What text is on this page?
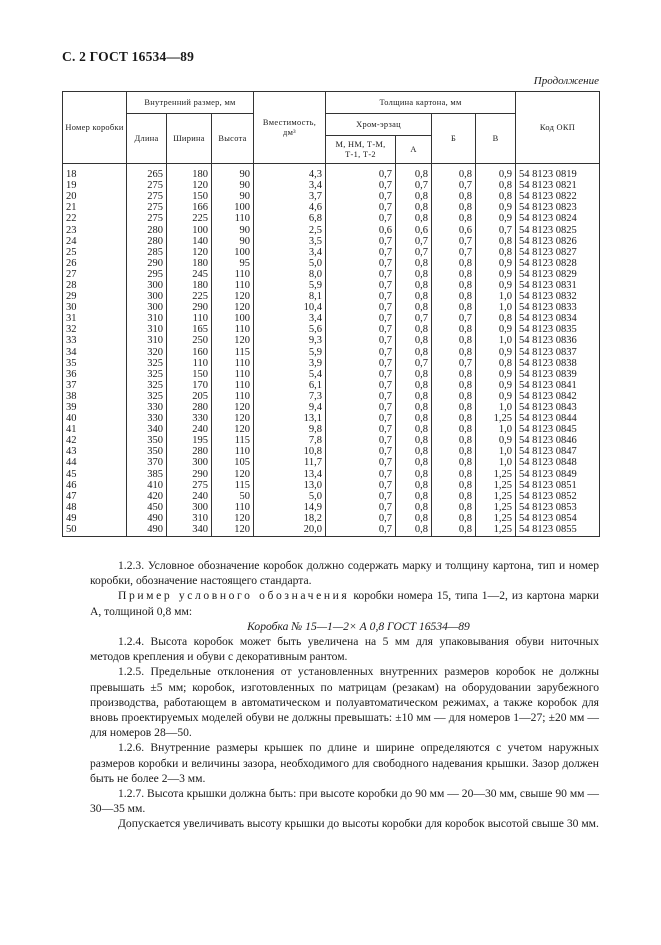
С. 2 ГОСТ 16534—89
Продолжение
Номер коробки	Внутренний размер, мм			Вместимость, дм³	Толщина картона, мм				Код ОКП
	Длина	Ширина	Высота		Хром-эрзац		Б	В	
					М, НМ, Т-М, Т-1, Т-2	А			
18	265	180	90	4,3	0,7	0,8	0,8	0,9	54 8123 0819
19	275	120	90	3,4	0,7	0,7	0,7	0,8	54 8123 0821
20	275	150	90	3,7	0,7	0,8	0,8	0,8	54 8123 0822
21	275	166	100	4,6	0,7	0,8	0,8	0,9	54 8123 0823
22	275	225	110	6,8	0,7	0,8	0,8	0,9	54 8123 0824
23	280	100	90	2,5	0,6	0,6	0,6	0,7	54 8123 0825
24	280	140	90	3,5	0,7	0,7	0,7	0,8	54 8123 0826
25	285	120	100	3,4	0,7	0,7	0,7	0,8	54 8123 0827
26	290	180	95	5,0	0,7	0,8	0,8	0,9	54 8123 0828
27	295	245	110	8,0	0,7	0,8	0,8	0,9	54 8123 0829
28	300	180	110	5,9	0,7	0,8	0,8	0,9	54 8123 0831
29	300	225	120	8,1	0,7	0,8	0,8	1,0	54 8123 0832
30	300	290	120	10,4	0,7	0,8	0,8	1,0	54 8123 0833
31	310	110	100	3,4	0,7	0,7	0,7	0,8	54 8123 0834
32	310	165	110	5,6	0,7	0,8	0,8	0,9	54 8123 0835
33	310	250	120	9,3	0,7	0,8	0,8	1,0	54 8123 0836
34	320	160	115	5,9	0,7	0,8	0,8	0,9	54 8123 0837
35	325	110	110	3,9	0,7	0,7	0,7	0,8	54 8123 0838
36	325	150	110	5,4	0,7	0,8	0,8	0,9	54 8123 0839
37	325	170	110	6,1	0,7	0,8	0,8	0,9	54 8123 0841
38	325	205	110	7,3	0,7	0,8	0,8	0,9	54 8123 0842
39	330	280	120	9,4	0,7	0,8	0,8	1,0	54 8123 0843
40	330	330	120	13,1	0,7	0,8	0,8	1,25	54 8123 0844
41	340	240	120	9,8	0,7	0,8	0,8	1,0	54 8123 0845
42	350	195	115	7,8	0,7	0,8	0,8	0,9	54 8123 0846
43	350	280	110	10,8	0,7	0,8	0,8	1,0	54 8123 0847
44	370	300	105	11,7	0,7	0,8	0,8	1,0	54 8123 0848
45	385	290	120	13,4	0,7	0,8	0,8	1,25	54 8123 0849
46	410	275	115	13,0	0,7	0,8	0,8	1,25	54 8123 0851
47	420	240	50	5,0	0,7	0,8	0,8	1,25	54 8123 0852
48	450	300	110	14,9	0,7	0,8	0,8	1,25	54 8123 0853
49	490	310	120	18,2	0,7	0,8	0,8	1,25	54 8123 0854
50	490	340	120	20,0	0,7	0,8	0,8	1,25	54 8123 0855

1.2.3. Условное обозначение коробок должно содержать марку и толщину картона, тип и номер коробки, обозначение настоящего стандарта.

Пример условного обозначения коробки номера 15, типа 1—2, из картона марки А, толщиной 0,8 мм:

Коробка № 15—1—2× А 0,8 ГОСТ 16534—89

1.2.4. Высота коробок может быть увеличена на 5 мм для упаковывания обуви ниточных методов крепления и обуви с декоративным рантом.

1.2.5. Предельные отклонения от установленных внутренних размеров коробок не должны превышать ±5 мм; коробок, изготовленных по матрицам (резакам) на оборудовании зарубежного производства, работающем в автоматическом и полуавтоматическом режимах, а также коробок для вновь проектируемых моделей обуви не должны превышать: ±10 мм — для номеров 1—27; ±20 мм — для номеров 28—50.

1.2.6. Внутренние размеры крышек по длине и ширине определяются с учетом наружных размеров коробки и величины зазора, необходимого для свободного надевания крышки. Зазор должен быть не более 2—3 мм.

1.2.7. Высота крышки должна быть: при высоте коробки до 90 мм — 20—30 мм, свыше 90 мм — 30—35 мм.

Допускается увеличивать высоту крышки до высоты коробки для коробок высотой свыше 30 мм.
